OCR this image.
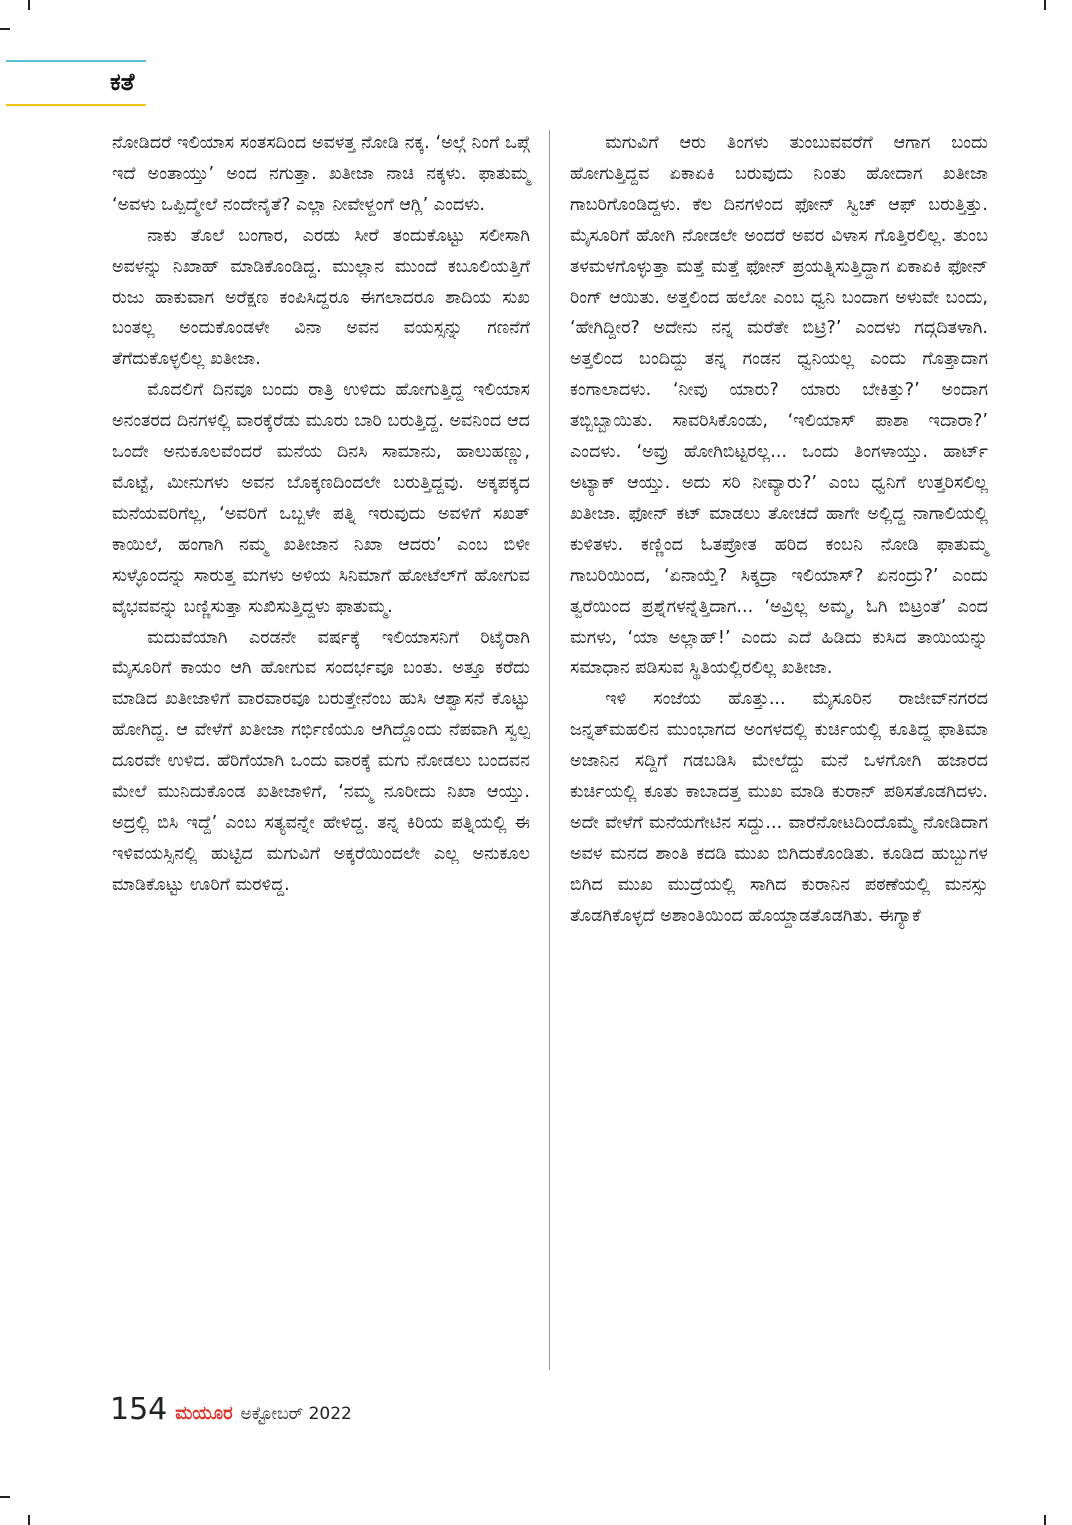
ಕತೆ

ನೋಡಿದರೆ ಇಲಿಯಾಸ ಸಂತಸದಿಂದ ಅವಳತ್ತ ನೋಡಿ ನಕ್ಕ. ‘ಅಲ್ಗೆ ನಿಂಗೆ ಒಪ್ಗೆ ಇದೆ ಅಂತಾಯ್ತು’ ಅಂದ ನಗುತ್ತಾ. ಖತೀಜಾ ನಾಚಿ ನಕ್ಕಳು. ಫಾತುಮ್ಮ ‘ಅವಳು ಒಪ್ಪಿದ್ಮೇಲೆ ನಂದೇನೈತೆ? ಎಲ್ಲಾ ನೀವೇಳ್ದಂಗೆ ಆಗ್ಲಿ’ ಎಂದಳು.

ನಾಕು ತೊಲೆ ಬಂಗಾರ, ಎರಡು ಸೀರೆ ತಂದುಕೊಟ್ಟು ಸಲೀಸಾಗಿ ಅವಳನ್ನು ನಿಖಾಹ್ ಮಾಡಿಕೊಂಡಿದ್ದ. ಮುಲ್ಲಾನ ಮುಂದೆ ಕಬೂಲಿಯತ್ತಿಗೆ ರುಜು ಹಾಕುವಾಗ ಅರೆಕ್ಷಣ ಕಂಪಿಸಿದ್ದರೂ ಈಗಲಾದರೂ ಶಾದಿಯ ಸುಖ ಬಂತಲ್ಲ ಅಂದುಕೊಂಡಳೇ ವಿನಾ ಅವನ ವಯಸ್ಸನ್ನು ಗಣನೆಗೆ ತೆಗೆದುಕೊಳ್ಳಲಿಲ್ಲ ಖತೀಜಾ.

ಮೊದಲಿಗೆ ದಿನವೂ ಬಂದು ರಾತ್ರಿ ಉಳಿದು ಹೋಗುತ್ತಿದ್ದ ಇಲಿಯಾಸ ಅನಂತರದ ದಿನಗಳಲ್ಲಿ ವಾರಕ್ಕೆರೆಡು ಮೂರು ಬಾರಿ ಬರುತ್ತಿದ್ದ. ಅವನಿಂದ ಆದ ಒಂದೇ ಅನುಕೂಲವೆಂದರೆ ಮನೆಯ ದಿನಸಿ ಸಾಮಾನು, ಹಾಲುಹಣ್ಣು, ಮೊಟ್ಟೆ, ಮೀನುಗಳು ಅವನ ಬೊಕ್ಕಣದಿಂದಲೇ ಬರುತ್ತಿದ್ದವು. ಅಕ್ಕಪಕ್ಕದ ಮನೆಯವರಿಗೆಲ್ಲ, ‘ಅವರಿಗೆ ಒಬ್ಬಳೇ ಪತ್ನಿ ಇರುವುದು ಅವಳಿಗೆ ಸಖತ್ ಕಾಯಿಲೆ, ಹಂಗಾಗಿ ನಮ್ಮ ಖತೀಜಾನ ನಿಖಾ ಆದರು’ ಎಂಬ ಬಿಳೀ ಸುಳ್ಳೊಂದನ್ನು ಸಾರುತ್ತ ಮಗಳು ಅಳಿಯ ಸಿನಿಮಾಗೆ ಹೋಟೆಲ್‌ಗೆ ಹೋಗುವ ವೈಭವವನ್ನು ಬಣ್ಣಿಸುತ್ತಾ ಸುಖಿಸುತ್ತಿದ್ದಳು ಫಾತುಮ್ಮ.

ಮದುವೆಯಾಗಿ ಎರಡನೇ ವರ್ಷಕ್ಕೆ ಇಲಿಯಾಸನಿಗೆ ರಿಟೈರಾಗಿ ಮೈಸೂರಿಗೆ ಕಾಯಂ ಆಗಿ ಹೋಗುವ ಸಂದರ್ಭವೂ ಬಂತು. ಅತ್ತೂ ಕರೆದು ಮಾಡಿದ ಖತೀಜಾಳಿಗೆ ವಾರವಾರವೂ ಬರುತ್ತೇನೆಂಬ ಹುಸಿ ಆಶ್ವಾಸನೆ ಕೊಟ್ಟು ಹೋಗಿದ್ದ. ಆ ವೇಳೆಗೆ ಖತೀಜಾ ಗರ್ಭಿಣಿಯೂ ಆಗಿದ್ದೊಂದು ನೆಪವಾಗಿ ಸ್ವಲ್ಪ ದೂರವೇ ಉಳಿದ. ಹೆರಿಗೆಯಾಗಿ ಒಂದು ವಾರಕ್ಕೆ ಮಗು ನೋಡಲು ಬಂದವನ ಮೇಲೆ ಮುನಿದುಕೊಂಡ ಖತೀಜಾಳಿಗೆ, ‘ನಮ್ಮ ನೂರೀದು ನಿಖಾ ಆಯ್ತು. ಅದ್ರಲ್ಲಿ ಬಿಸಿ ಇದ್ದೆ’ ಎಂಬ ಸತ್ಯವನ್ನೇ ಹೇಳಿದ್ದ. ತನ್ನ ಕಿರಿಯ ಪತ್ನಿಯಲ್ಲಿ ಈ ಇಳಿವಯಸ್ಸಿನಲ್ಲಿ ಹುಟ್ಟಿದ ಮಗುವಿಗೆ ಅಕ್ಕರೆಯಿಂದಲೇ ಎಲ್ಲ ಅನುಕೂಲ ಮಾಡಿಕೊಟ್ಟು ಊರಿಗೆ ಮರಳಿದ್ದ.

ಮಗುವಿಗೆ ಆರು ತಿಂಗಳು ತುಂಬುವವರೆಗೆ ಆಗಾಗ ಬಂದು ಹೋಗುತ್ತಿದ್ದವ ಏಕಾಏಕಿ ಬರುವುದು ನಿಂತು ಹೋದಾಗ ಖತೀಜಾ ಗಾಬರಿಗೊಂಡಿದ್ದಳು. ಕೆಲ ದಿನಗಳಿಂದ ಫೋನ್ ಸ್ವಿಚ್ ಆಫ್ ಬರುತ್ತಿತ್ತು. ಮೈಸೂರಿಗೆ ಹೋಗಿ ನೋಡಲೇ ಅಂದರೆ ಅವರ ವಿಳಾಸ ಗೊತ್ತಿರಲಿಲ್ಲ. ತುಂಬ ತಳಮಳಗೊಳ್ಳುತ್ತಾ ಮತ್ತೆ ಮತ್ತೆ ಫೋನ್ ಪ್ರಯತ್ನಿಸುತ್ತಿದ್ದಾಗ ಏಕಾಏಕಿ ಫೋನ್ ರಿಂಗ್ ಆಯಿತು. ಅತ್ತಲಿಂದ ಹಲೋ ಎಂಬ ಧ್ವನಿ ಬಂದಾಗ ಅಳುವೇ ಬಂದು, ‘ಹೇಗಿದ್ದೀರ? ಅದೇನು ನನ್ನ ಮರೆತೇ ಬಿಟ್ರಿ?’ ಎಂದಳು ಗದ್ಗದಿತಳಾಗಿ. ಅತ್ತಲಿಂದ ಬಂದಿದ್ದು ತನ್ನ ಗಂಡನ ಧ್ವನಿಯಲ್ಲ ಎಂದು ಗೊತ್ತಾದಾಗ ಕಂಗಾಲಾದಳು. ‘ನೀವು ಯಾರು? ಯಾರು ಬೇಕಿತ್ತು?’ ಅಂದಾಗ ತಬ್ಬಿಬ್ಬಾಯಿತು. ಸಾವರಿಸಿಕೊಂಡು, ‘ಇಲಿಯಾಸ್ ಪಾಶಾ ಇದಾರಾ?’ ಎಂದಳು. ‘ಅವ್ರು ಹೋಗಿಬಿಟ್ಟರಲ್ಲ... ಒಂದು ತಿಂಗಳಾಯ್ತು. ಹಾರ್ಟ್ ಅಟ್ಯಾಕ್ ಆಯ್ತು. ಅದು ಸರಿ ನೀವ್ಯಾರು?’ ಎಂಬ ಧ್ವನಿಗೆ ಉತ್ತರಿಸಲಿಲ್ಲ ಖತೀಜಾ. ಫೋನ್ ಕಟ್ ಮಾಡಲು ತೋಚದೆ ಹಾಗೇ ಅಲ್ಲಿದ್ದ ನಾಗಾಲಿಯಲ್ಲಿ ಕುಳಿತಳು. ಕಣ್ಣಿಂದ ಓತಪ್ರೋತ ಹರಿದ ಕಂಬನಿ ನೋಡಿ ಫಾತುಮ್ಮ ಗಾಬರಿಯಿಂದ, ‘ಏನಾಯ್ತೆ? ಸಿಕ್ಕದ್ರಾ ಇಲಿಯಾಸ್? ಏನಂದ್ರು?’ ಎಂದು ತ್ವರೆಯಿಂದ ಪ್ರಶ್ನೆಗಳನ್ನೆತ್ತಿದಾಗ... ‘ಅವ್ರಿಲ್ಲ ಅಮ್ಮ, ಓಗಿ ಬಿಟ್ರಂತೆ’ ಎಂದ ಮಗಳು, ‘ಯಾ ಅಲ್ಲಾಹ್!’ ಎಂದು ಎದೆ ಹಿಡಿದು ಕುಸಿದ ತಾಯಿಯನ್ನು ಸಮಾಧಾನ ಪಡಿಸುವ ಸ್ಥಿತಿಯಲ್ಲಿರಲಿಲ್ಲ ಖತೀಜಾ.

ಇಳಿ ಸಂಜೆಯ ಹೊತ್ತು... ಮೈಸೂರಿನ ರಾಜೀವ್‌ನಗರದ ಜನ್ನತ್‌ಮಹಲಿನ ಮುಂಭಾಗದ ಅಂಗಳದಲ್ಲಿ ಕುರ್ಚಿಯಲ್ಲಿ ಕೂತಿದ್ದ ಫಾತಿಮಾ ಅಜಾನಿನ ಸದ್ದಿಗೆ ಗಡಬಡಿಸಿ ಮೇಲೆದ್ದು ಮನೆ ಒಳಗೋಗಿ ಹಜಾರದ ಕುರ್ಚಿಯಲ್ಲಿ ಕೂತು ಕಾಬಾದತ್ತ ಮುಖ ಮಾಡಿ ಕುರಾನ್ ಪಠಿಸತೊಡಗಿದಳು. ಅದೇ ವೇಳೆಗೆ ಮನೆಯಗೇಟಿನ ಸದ್ದು... ವಾರೆನೋಟದಿಂದೊಮ್ಮೆ ನೋಡಿದಾಗ ಅವಳ ಮನದ ಶಾಂತಿ ಕದಡಿ ಮುಖ ಬಿಗಿದುಕೊಂಡಿತು. ಕೂಡಿದ ಹುಬ್ಬುಗಳ ಬಿಗಿದ ಮುಖ ಮುದ್ರೆಯಲ್ಲಿ ಸಾಗಿದ ಕುರಾನಿನ ಪಠಣೆಯಲ್ಲಿ ಮನಸ್ಸು ತೊಡಗಿಕೊಳ್ಳದೆ ಅಶಾಂತಿಯಿಂದ ಹೊಯ್ದಾಡತೊಡಗಿತು. ಈಗ್ಯಾಕೆ

154 ಮಯೂರ ಅಕ್ಟೋಬರ್ 2022
